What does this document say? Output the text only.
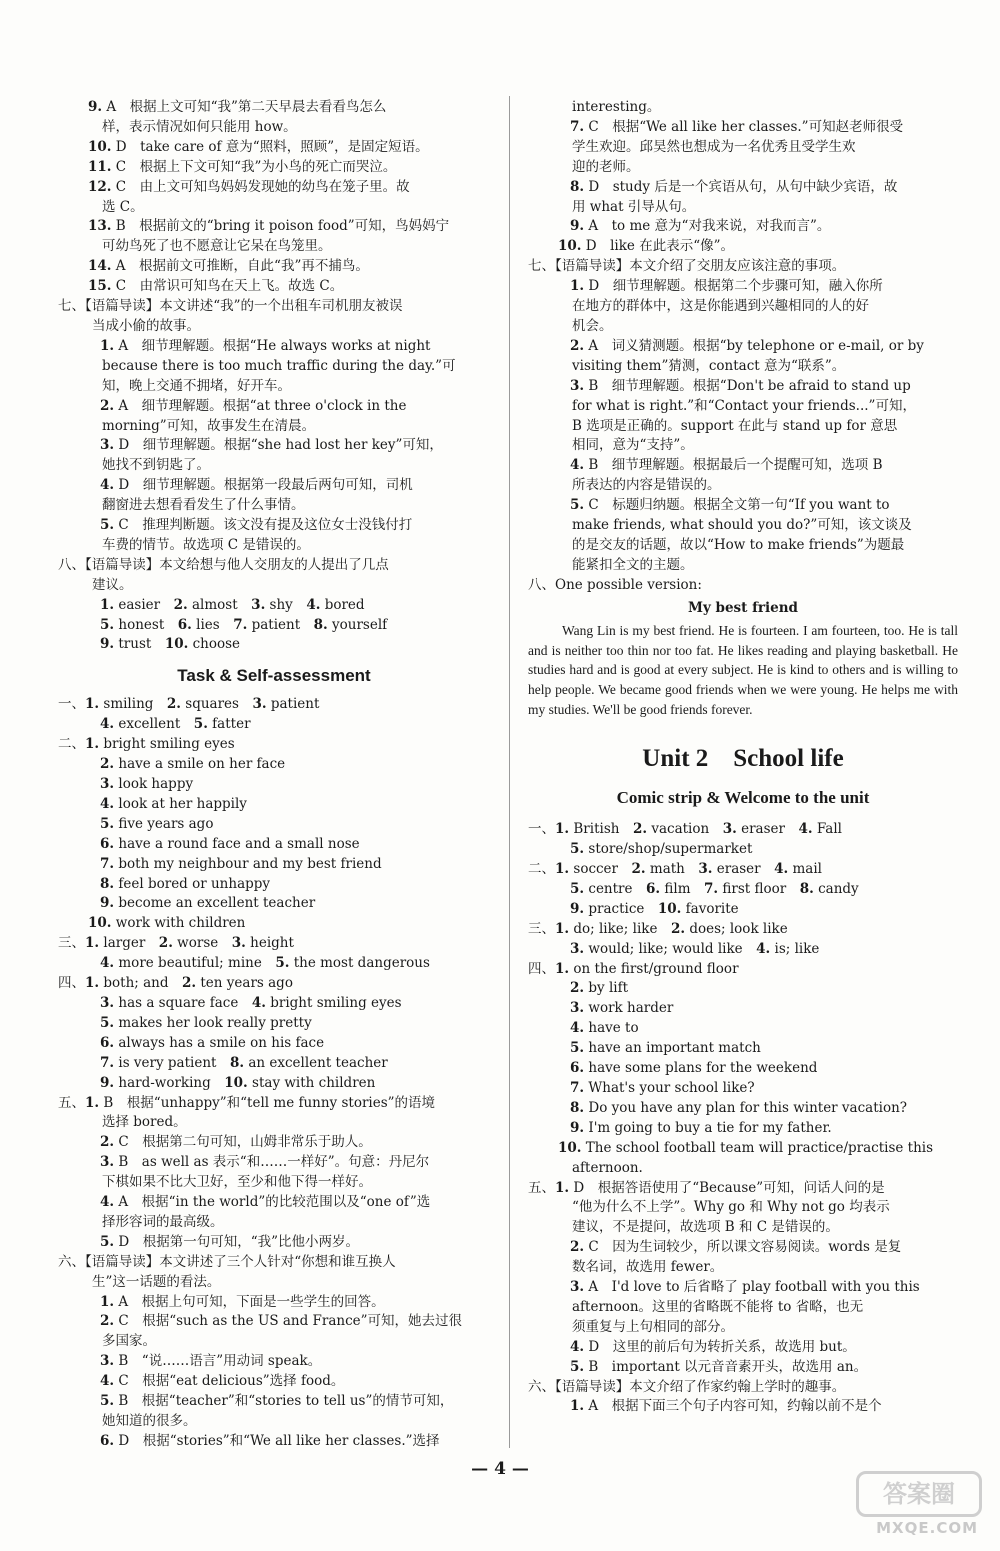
9. A　根据上文可知“我”第二天早晨去看看鸟怎么
样，表示情况如何只能用 how。
10. D　take care of 意为“照料，照顾”，是固定短语。
11. C　根据上下文可知“我”为小鸟的死亡而哭泣。
12. C　由上文可知鸟妈妈发现她的幼鸟在笼子里。故
选 C。
13. B　根据前文的“bring it poison food”可知，鸟妈妈宁
可幼鸟死了也不愿意让它呆在鸟笼里。
14. A　根据前文可推断，自此“我”再不捕鸟。
15. C　由常识可知鸟在天上飞。故选 C。
七、【语篇导读】本文讲述“我”的一个出租车司机朋友被误
当成小偷的故事。
1. A　细节理解题。根据“He always works at night
because there is too much traffic during the day.”可
知，晚上交通不拥堵，好开车。
2. A　细节理解题。根据“at three o'clock in the
morning”可知，故事发生在清晨。
3. D　细节理解题。根据“she had lost her key”可知，
她找不到钥匙了。
4. D　细节理解题。根据第一段最后两句可知，司机
翻窗进去想看看发生了什么事情。
5. C　推理判断题。该文没有提及这位女士没钱付打
车费的情节。故选项 C 是错误的。
八、【语篇导读】本文给想与他人交朋友的人提出了几点
建议。
1. easier　2. almost　3. shy　4. bored
5. honest　6. lies　7. patient　8. yourself
9. trust　10. choose
Task & Self-assessment
一、1. smiling　2. squares　3. patient
4. excellent　5. fatter
二、1. bright smiling eyes
2. have a smile on her face
3. look happy
4. look at her happily
5. five years ago
6. have a round face and a small nose
7. both my neighbour and my best friend
8. feel bored or unhappy
9. become an excellent teacher
10. work with children
三、1. larger　2. worse　3. height
4. more beautiful; mine　5. the most dangerous
四、1. both; and　2. ten years ago
3. has a square face　4. bright smiling eyes
5. makes her look really pretty
6. always has a smile on his face
7. is very patient　8. an excellent teacher
9. hard-working　10. stay with children
五、1. B　根据“unhappy”和“tell me funny stories”的语境
选择 bored。
2. C　根据第二句可知，山姆非常乐于助人。
3. B　as well as 表示“和……一样好”。句意：丹尼尔
下棋如果不比大卫好，至少和他下得一样好。
4. A　根据“in the world”的比较范围以及“one of”选
择形容词的最高级。
5. D　根据第一句可知，“我”比他小两岁。
六、【语篇导读】本文讲述了三个人针对“你想和谁互换人
生”这一话题的看法。
1. A　根据上句可知，下面是一些学生的回答。
2. C　根据“such as the US and France”可知，她去过很
多国家。
3. B　“说……语言”用动词 speak。
4. C　根据“eat delicious”选择 food。
5. B　根据“teacher”和“stories to tell us”的情节可知，
她知道的很多。
6. D　根据“stories”和“We all like her classes.”选择
interesting。
7. C　根据“We all like her classes.”可知赵老师很受
学生欢迎。邱昊然也想成为一名优秀且受学生欢
迎的老师。
8. D　study 后是一个宾语从句，从句中缺少宾语，故
用 what 引导从句。
9. A　to me 意为“对我来说，对我而言”。
10. D　like 在此表示“像”。
七、【语篇导读】本文介绍了交朋友应该注意的事项。
1. D　细节理解题。根据第二个步骤可知，融入你所
在地方的群体中，这是你能遇到兴趣相同的人的好
机会。
2. A　词义猜测题。根据“by telephone or e-mail, or by
visiting them”猜测，contact 意为“联系”。
3. B　细节理解题。根据“Don't be afraid to stand up
for what is right.”和“Contact your friends...”可知，
B 选项是正确的。support 在此与 stand up for 意思
相同，意为“支持”。
4. B　细节理解题。根据最后一个提醒可知，选项 B
所表达的内容是错误的。
5. C　标题归纳题。根据全文第一句“If you want to
make friends, what should you do?”可知，该文谈及
的是交友的话题，故以“How to make friends”为题最
能紧扣全文的主题。
八、One possible version:
My best friend

Wang Lin is my best friend. He is fourteen. I am fourteen, too. He is tall and is neither too thin nor too fat. He likes reading and playing basketball. He studies hard and is good at every subject. He is kind to others and is willing to help people. We became good friends when we were young. He helps me with my studies. We'll be good friends forever.

Unit 2　School life
Comic strip & Welcome to the unit
一、1. British　2. vacation　3. eraser　4. Fall
5. store/shop/supermarket
二、1. soccer　2. math　3. eraser　4. mail
5. centre　6. film　7. first floor　8. candy
9. practice　10. favorite
三、1. do; like; like　2. does; look like
3. would; like; would like　4. is; like
四、1. on the first/ground floor
2. by lift
3. work harder
4. have to
5. have an important match
6. have some plans for the weekend
7. What's your school like?
8. Do you have any plan for this winter vacation?
9. I'm going to buy a tie for my father.
10. The school football team will practice/practise this
afternoon.
五、1. D　根据答语使用了“Because”可知，问话人问的是
“他为什么不上学”。Why go 和 Why not go 均表示
建议，不是提问，故选项 B 和 C 是错误的。
2. C　因为生词较少，所以课文容易阅读。words 是复
数名词，故选用 fewer。
3. A　I'd love to 后省略了 play football with you this
afternoon。这里的省略既不能将 to 省略，也无
须重复与上句相同的部分。
4. D　这里的前后句为转折关系，故选用 but。
5. B　important 以元音音素开头，故选用 an。
六、【语篇导读】本文介绍了作家约翰上学时的趣事。
1. A　根据下面三个句子内容可知，约翰以前不是个
— 4 —
答案圈
MXQE.COM
